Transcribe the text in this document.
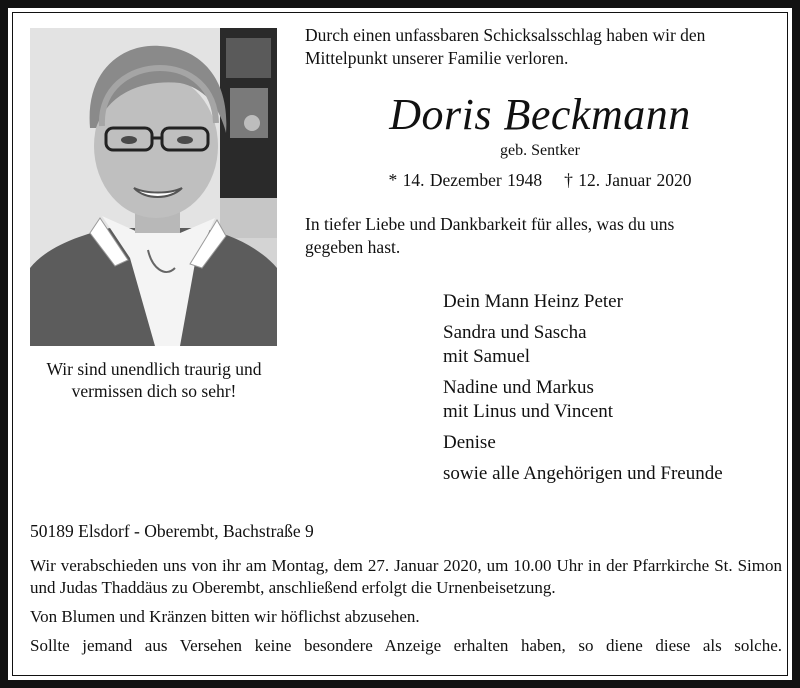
Wir sind unendlich traurig und
vermissen dich so sehr!
Durch einen unfassbaren Schicksalsschlag haben wir den Mittelpunkt unserer Familie verloren.
Doris Beckmann
geb. Sentker
* 14. Dezember 1948 † 12. Januar 2020
In tiefer Liebe und Dankbarkeit für alles, was du uns gegeben hast.
Dein Mann Heinz Peter
Sandra und Sascha
mit Samuel
Nadine und Markus
mit Linus und Vincent
Denise
sowie alle Angehörigen und Freunde
50189 Elsdorf - Oberembt, Bachstraße 9

Wir verabschieden uns von ihr am Montag, dem 27. Januar 2020, um 10.00 Uhr in der Pfarrkirche St. Simon und Judas Thaddäus zu Oberembt, anschließend erfolgt die Urnenbeisetzung.

Von Blumen und Kränzen bitten wir höflichst abzusehen.

Sollte jemand aus Versehen keine besondere Anzeige erhalten haben, so diene diese als solche.
